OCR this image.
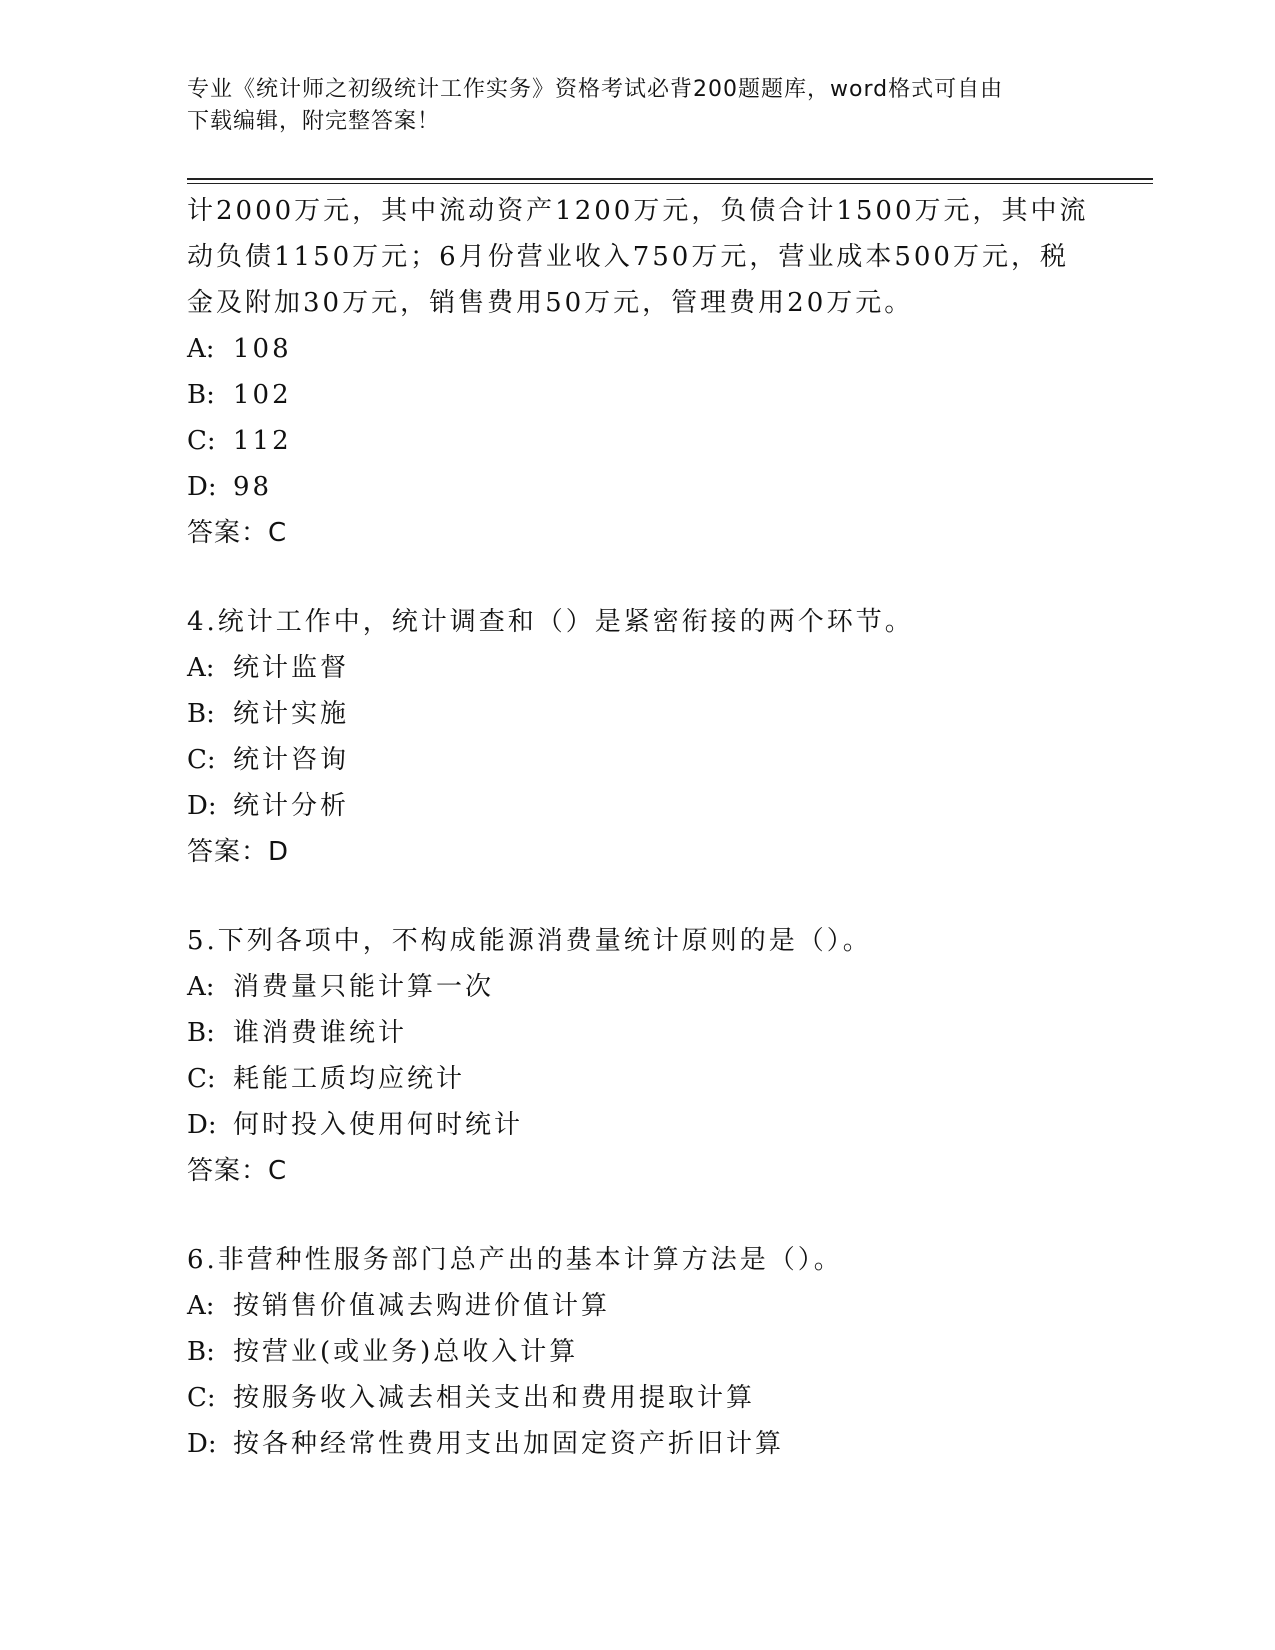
专业《统计师之初级统计工作实务》资格考试必背200题题库，word格式可自由
下载编辑，附完整答案！
计2000万元，其中流动资产1200万元，负债合计1500万元，其中流
动负债1150万元；6月份营业收入750万元，营业成本500万元，税
金及附加30万元，销售费用50万元，管理费用20万元。
A: 108
B: 102
C: 112
D: 98
答案：C
4.统计工作中，统计调查和（）是紧密衔接的两个环节。
A: 统计监督
B: 统计实施
C: 统计咨询
D: 统计分析
答案：D
5.下列各项中，不构成能源消费量统计原则的是（）。
A: 消费量只能计算一次
B: 谁消费谁统计
C: 耗能工质均应统计
D: 何时投入使用何时统计
答案：C
6.非营种性服务部门总产出的基本计算方法是（）。
A: 按销售价值减去购进价值计算
B: 按营业(或业务)总收入计算
C: 按服务收入减去相关支出和费用提取计算
D: 按各种经常性费用支出加固定资产折旧计算
